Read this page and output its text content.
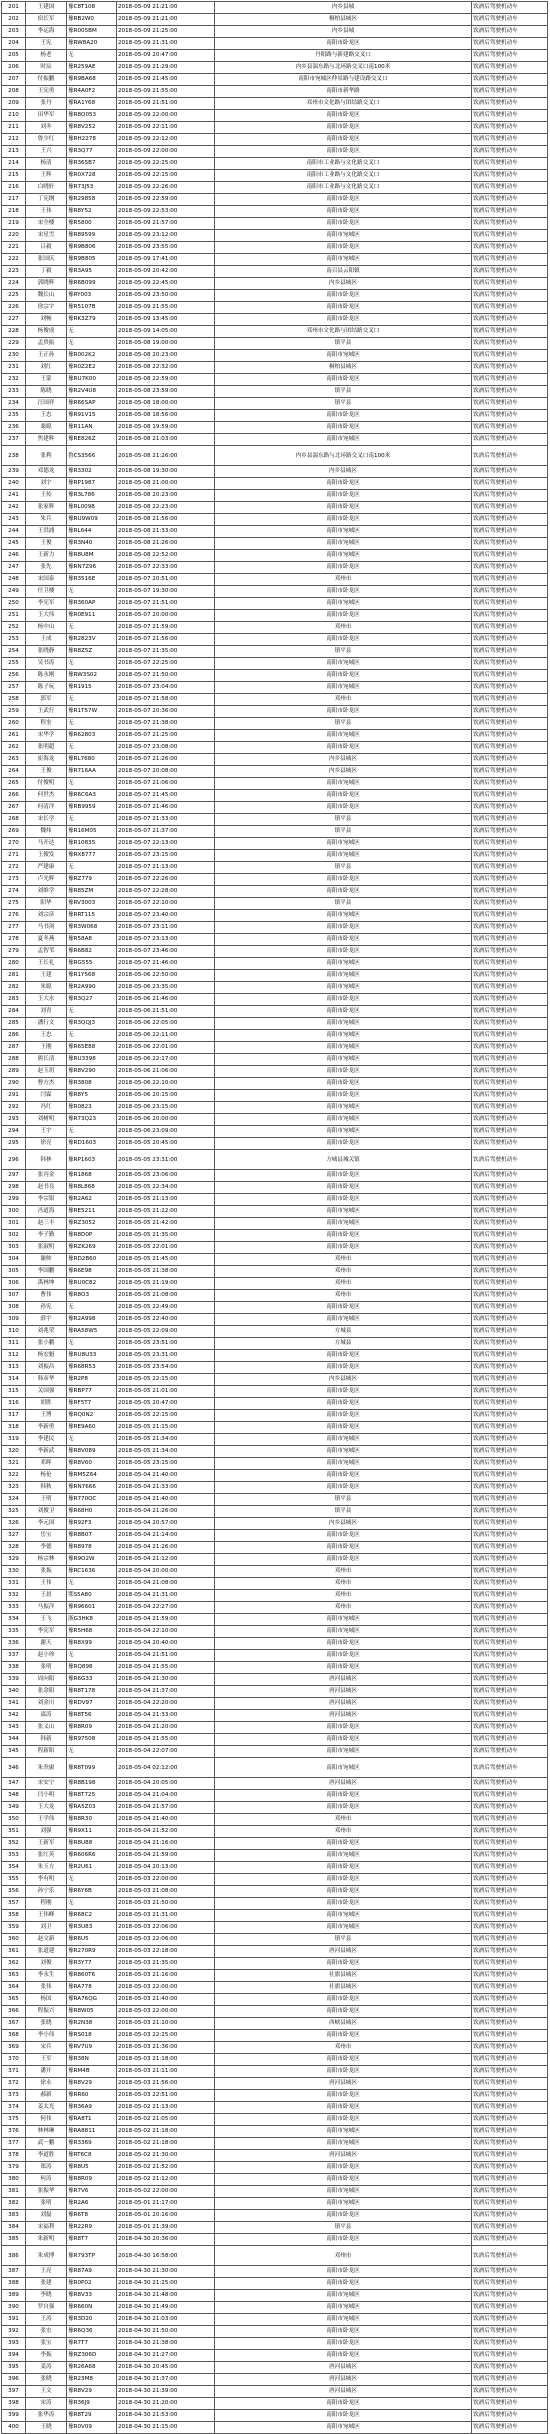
201	王建国	豫C8T108	2018-05-09 21:21:00	内乡县城	饮酒后驾驶机动车
202	宿长军	豫RB2W0	2018-05-09 21:21:00	桐柏县城区	饮酒后驾驶机动车
203	李运海	豫R005BM	2018-05-09 21:25:00	内乡县城	饮酒后驾驶机动车
204	王宪	豫RW8A20	2018-05-09 21:31:00	南阳市卧龙区	饮酒后驾驶机动车
205	杨老	无	2018-05-09 20:47:00	丹阳路与新建路交叉口	饮酒后驾驶机动车
206	时辰	豫R259AE	2018-05-09 21:29:00	内乡县湍东路与北环路交叉口南100米	饮酒后驾驶机动车
207	付振鹏	豫R9BA68	2018-05-09 21:45:00	南阳市宛城区仲景路与建设路交叉口	饮酒后驾驶机动车
208	王宪勇	豫R4A0F2	2018-05-09 21:55:00	南阳市新华路	饮酒后驾驶机动车
209	张丹	豫RA1Y68	2018-05-09 21:51:00	邓州市文化路与团结路交叉口	饮酒后驾驶机动车
210	田华军	豫R8Q053	2018-05-09 22:00:00	南阳市卧龙区	饮酒后驾驶机动车
211	刘冬	豫R8V252	2018-05-09 22:11:00	南阳市卧龙区	饮酒后驾驶机动车
212	鲁少红	豫RH2278	2018-05-09 22:12:00	南阳市卧龙区	饮酒后驾驶机动车
213	王兴	豫R3Q77	2018-05-09 22:00:00	南阳市卧龙区	饮酒后驾驶机动车
214	杨清	豫R365B7	2018-05-09 22:25:00	南阳市工业路与文化路交叉口	饮酒后驾驶机动车
215	王辉	豫R0X728	2018-05-09 22:15:00	南阳市工业路与文化路交叉口	饮酒后驾驶机动车
216	白晓轩	豫R73J53	2018-05-09 22:26:00	南阳市工业路与文化路交叉口	饮酒后驾驶机动车
217	丁宪纲	豫R29858	2018-05-09 22:59:00	南阳市卧龙区	饮酒后驾驶机动车
218	王伟	豫R8Y52	2018-05-09 22:53:00	南阳市卧龙区	饮酒后驾驶机动车
219	宋全楼	豫R5800	2018-05-09 21:57:00	南阳市卧龙区	饮酒后驾驶机动车
220	宋星雪	豫R89599	2018-05-09 23:12:00	南阳市宛城区	饮酒后驾驶机动车
221	吕毅	豫R9B806	2018-05-09 23:55:00	南阳市卧龙区	饮酒后驾驶机动车
222	张国庆	豫R9B805	2018-05-09 17:41:00	南阳市宛城区	饮酒后驾驶机动车
223	丁毅	豫R3A95	2018-05-09 20:42:00	南召县云阳镇	饮酒后驾驶机动车
224	郭晓辉	豫R6B099	2018-05-09 22:45:00	内乡县城区	饮酒后驾驶机动车
225	魏长山	豫RY003	2018-05-09 23:50:00	南阳市卧龙区	饮酒后驾驶机动车
226	徐宗宇	豫R5107B	2018-05-09 21:55:00	南阳市卧龙区	饮酒后驾驶机动车
227	刘畅	豫RK3Z79	2018-05-09 13:45:00	南阳市卧龙区	饮酒后驾驶机动车
228	杨俊成	无	2018-05-09 14:05:00	邓州市文化路与团结路交叉口	饮酒后驾驶机动车
229	孟贵振	无	2018-05-08 19:00:00	镇平县	饮酒后驾驶机动车
230	王正孙	豫R002K2	2018-05-08 20:23:00	南阳市宛城区	饮酒后驾驶机动车
231	刘红	豫R0Z2E2	2018-05-08 22:32:00	桐柏县城区	饮酒后驾驶机动车
232	王蒙	豫RU7K00	2018-05-08 22:59:00	南阳市卧龙区	饮酒后驾驶机动车
233	陈晓	豫R2V4U8	2018-05-08 23:59:00	镇平县	饮酒后驾驶机动车
234	汪国祥	豫R66SAP	2018-05-08 18:00:00	镇平县	饮酒后驾驶机动车
235	王忠	豫R91V15	2018-05-08 18:56:00	南阳市卧龙区	饮酒后驾驶机动车
236	桑聪	豫R11AN	2018-05-08 19:59:00	南阳市卧龙区	饮酒后驾驶机动车
237	焦建辉	豫RE826Z	2018-05-08 21:03:00	南阳市宛城区	饮酒后驾驶机动车
238	张利	鲁CS3566	2018-05-08 21:26:00	内乡县湍东路与北环路交叉口南100米	饮酒后驾驶机动车
239	邓德龙	豫R3302	2018-05-08 19:30:00	内乡县城区	饮酒后驾驶机动车
240	刘宇	豫RP1987	2018-05-08 21:00:00	南阳市卧龙区	饮酒后驾驶机动车
241	王传	豫R3L786	2018-05-08 20:23:00	南阳市卧龙区	饮酒后驾驶机动车
242	张家辉	豫RL0098	2018-05-08 22:23:00	南阳市卧龙区	饮酒后驾驶机动车
243	朱兵	豫RU9W09	2018-05-08 21:56:00	南阳市卧龙区	饮酒后驾驶机动车
244	王洪浦	豫RL644	2018-05-08 21:33:00	南阳市宛城区	饮酒后驾驶机动车
245	王俊	豫R3N40	2018-05-08 21:26:00	南阳市宛城区	饮酒后驾驶机动车
246	王新力	豫R8U8M	2018-05-08 22:52:00	南阳市宛城区	饮酒后驾驶机动车
247	张先	豫RN7Z96	2018-05-07 22:33:00	南阳市卧龙区	饮酒后驾驶机动车
248	宋国泰	豫R3516E	2018-05-07 20:51:00	邓州市	饮酒后驾驶机动车
249	任卫楼	无	2018-05-07 19:30:00	南阳市卧龙区	饮酒后驾驶机动车
250	李宪军	豫R360AP	2018-05-07 21:51:00	南阳市宛城区	饮酒后驾驶机动车
251	王大伟	豫R0E911	2018-05-07 20:00:00	南阳市卧龙区	饮酒后驾驶机动车
252	杨中山	无	2018-05-07 21:59:00	邓州市	饮酒后驾驶机动车
253	王成	豫R2823V	2018-05-07 21:56:00	南阳市卧龙区	饮酒后驾驶机动车
254	张晓静	豫R8Z5Z	2018-05-07 21:35:00	镇平县	饮酒后驾驶机动车
255	吴书涛	无	2018-05-07 22:25:00	南阳市宛城区	饮酒后驾驶机动车
256	陈永刚	豫RW3S02	2018-05-07 21:50:00	南阳市卧龙区	饮酒后驾驶机动车
257	陈子玩	豫R1915	2018-05-07 23:04:00	南阳市宛城区	饮酒后驾驶机动车
258	郭军	无	2018-05-07 21:58:00	邓州市	饮酒后驾驶机动车
259	王武行	豫R1T57W	2018-05-07 20:36:00	南阳市卧龙区	饮酒后驾驶机动车
260	程奎	无	2018-05-07 21:38:00	镇平县	饮酒后驾驶机动车
261	宋华学	豫R62803	2018-05-07 21:25:00	南阳市宛城区	饮酒后驾驶机动车
262	张明超	无	2018-05-07 23:08:00	南阳市卧龙区	饮酒后驾驶机动车
263	崔海龙	豫RL7680	2018-05-07 21:26:00	内乡县城区	饮酒后驾驶机动车
264	王俊	豫R716AA	2018-05-07 20:08:00	内乡县城区	饮酒后驾驶机动车
265	付俊明	无	2018-05-07 21:06:00	南阳市宛城区	饮酒后驾驶机动车
266	何世杰	豫R6C6A3	2018-05-07 21:45:00	南阳市卧龙区	饮酒后驾驶机动车
267	何清洋	豫RB9959	2018-05-07 21:46:00	南阳市卧龙区	饮酒后驾驶机动车
268	宋长学	无	2018-05-07 21:33:00	镇平县	饮酒后驾驶机动车
269	魏炜	豫R16M05	2018-05-07 21:37:00	镇平县	饮酒后驾驶机动车
270	马开达	豫R10835	2018-05-07 22:13:00	南阳市宛城区	饮酒后驾驶机动车
271	王俊发	豫RX8777	2018-05-07 23:15:00	南阳市宛城区	饮酒后驾驶机动车
272	严建康	无	2018-05-07 21:13:00	镇平县	饮酒后驾驶机动车
273	卢光辉	豫RZ779	2018-05-07 22:26:00	南阳市卧龙区	饮酒后驾驶机动车
274	刘维学	豫R85ZM	2018-05-07 22:28:00	南阳市卧龙区	饮酒后驾驶机动车
275	阳华	豫RV3003	2018-05-07 22:10:00	镇平县	饮酒后驾驶机动车
276	刘宗彦	豫RRT115	2018-05-07 23:40:00	南阳市宛城区	饮酒后驾驶机动车
277	马书剑	豫R3W068	2018-05-07 23:11:00	南阳市卧龙区	饮酒后驾驶机动车
278	夏冬燕	豫R58A8	2018-05-07 23:13:00	南阳市卧龙区	饮酒后驾驶机动车
279	孟智苇	豫R6B82	2018-05-07 23:46:00	南阳市卧龙区	饮酒后驾驶机动车
280	王长礼	豫RG555	2018-05-07 21:46:00	南阳市宛城区	饮酒后驾驶机动车
281	王建	豫R1Y568	2018-05-06 22:50:00	南阳市宛城区	饮酒后驾驶机动车
282	朱聪	豫R2A990	2018-05-06 23:35:00	南阳市宛城区	饮酒后驾驶机动车
283	王大水	豫R3Q27	2018-05-06 21:46:00	南阳市卧龙区	饮酒后驾驶机动车
284	刘青	无	2018-05-06 21:51:00	南阳市卧龙区	饮酒后驾驶机动车
285	潘行文	豫R3QQJ3	2018-05-06 22:05:00	南阳市宛城区	饮酒后驾驶机动车
286	王忠	无	2018-05-06 22:11:00	南阳市宛城区	饮酒后驾驶机动车
287	王刚	豫R65E88	2018-05-06 22:01:00	南阳市宛城区	饮酒后驾驶机动车
288	熊长清	豫RU3398	2018-05-06 22:17:00	南阳市宛城区	饮酒后驾驶机动车
289	赵玉玥	豫R8V290	2018-05-06 21:06:00	南阳市卧龙区	饮酒后驾驶机动车
290	曹方杰	豫R3808	2018-05-06 22:10:00	南阳市卧龙区	饮酒后驾驶机动车
291	闫霖	豫R8Y5	2018-05-06 20:15:00	南阳市卧龙区	饮酒后驾驶机动车
292	冯红	豫R0823	2018-05-06 23:15:00	南阳市宛城区	饮酒后驾驶机动车
293	刘树明	豫R73Q23	2018-05-06 20:00:00	南阳市宛城区	饮酒后驾驶机动车
294	王宇	无	2018-05-06 23:09:00	南阳市宛城区	饮酒后驾驶机动车
295	徐亮	豫RD1603	2018-05-05 20:45:00	南阳市卧龙区	饮酒后驾驶机动车
296	韩林	豫RP1603	2018-05-05 23:31:00	方城县城关镇	饮酒后驾驶机动车
297	张丙金	豫R1868	2018-05-05 23:06:00	南阳市卧龙区	饮酒后驾驶机动车
298	赵书良	豫R8L868	2018-05-05 22:34:00	南阳市卧龙区	饮酒后驾驶机动车
299	李宗银	豫R2A62	2018-05-05 21:13:00	南阳市卧龙区	饮酒后驾驶机动车
300	冯道海	豫RE5211	2018-05-05 21:22:00	南阳市宛城区	饮酒后驾驶机动车
301	赵三丰	豫RZ3052	2018-05-05 21:42:00	南阳市宛城区	饮酒后驾驶机动车
302	李子勤	豫R8D0P	2018-05-05 21:35:00	南阳市卧龙区	饮酒后驾驶机动车
303	张淑明	豫RZK269	2018-05-05 22:01:00	南阳市卧龙区	饮酒后驾驶机动车
304	谢帅	豫RD2B60	2018-05-05 21:45:00	邓州市	饮酒后驾驶机动车
305	李国鹏	豫R6E98	2018-05-05 21:38:00	邓州市	饮酒后驾驶机动车
306	禹林坤	豫RU0C82	2018-05-05 21:19:00	邓州市	饮酒后驾驶机动车
307	曹伟	豫R8O3	2018-05-05 21:08:00	邓州市	饮酒后驾驶机动车
308	孙宪	无	2018-05-05 22:49:00	南阳市卧龙区	饮酒后驾驶机动车
309	薛宇	豫R2A998	2018-05-05 22:40:00	南阳市宛城区	饮酒后驾驶机动车
310	刘兆荣	豫RA58W5	2018-05-05 22:09:00	方城县	饮酒后驾驶机动车
311	张小鹏	无	2018-05-05 23:51:00	方城县	饮酒后驾驶机动车
312	杨宏魁	豫RU8U33	2018-05-05 23:31:00	南阳市卧龙区	饮酒后驾驶机动车
313	刘振昌	豫R68R53	2018-05-05 23:54:00	南阳市卧龙区	饮酒后驾驶机动车
314	韩彦华	豫R2P8	2018-05-05 22:15:00	内乡县城区	饮酒后驾驶机动车
315	关国强	豫RBP77	2018-05-05 21:01:00	南阳市卧龙区	饮酒后驾驶机动车
316	胡胜	豫RF5T7	2018-05-05 20:47:00	南阳市卧龙区	饮酒后驾驶机动车
317	王博	豫RQ0N2	2018-05-05 22:15:00	南阳市卧龙区	饮酒后驾驶机动车
318	李新勇	豫RE9A60	2018-05-05 21:15:00	南阳市卧龙区	饮酒后驾驶机动车
319	李建民	无	2018-05-05 21:34:00	南阳市宛城区	饮酒后驾驶机动车
320	李新武	豫R8V089	2018-05-05 21:34:00	南阳市宛城区	饮酒后驾驶机动车
321	邓晖	豫R8V60	2018-05-05 23:15:00	南阳市宛城区	饮酒后驾驶机动车
322	杨伦	豫RM5Z64	2018-05-04 21:40:00	南阳市卧龙区	饮酒后驾驶机动车
323	韩秋	豫RN7666	2018-05-04 21:33:00	南阳市卧龙区	饮酒后驾驶机动车
324	王明	豫R770QC	2018-05-04 21:40:00	镇平县	饮酒后驾驶机动车
325	刘俊卫	豫R68H0	2018-05-04 21:26:00	镇平县	饮酒后驾驶机动车
326	李元国	豫R92F3	2018-05-04 20:57:00	内乡县城区	饮酒后驾驶机动车
327	岳宝	豫R8B07	2018-05-04 21:14:00	南阳市卧龙区	饮酒后驾驶机动车
328	李德	豫R8978	2018-05-04 21:26:00	南阳市卧龙区	饮酒后驾驶机动车
329	杨宗林	豫R9O2W	2018-05-04 21:12:00	南阳市卧龙区	饮酒后驾驶机动车
330	张振	豫RC1636	2018-05-04 20:00:00	邓州市	饮酒后驾驶机动车
331	王伟	无	2018-05-04 21:08:00	邓州市	饮酒后驾驶机动车
332	王晨	鄂S5A80	2018-05-04 21:31:00	邓州市	饮酒后驾驶机动车
333	马振洋	豫R96601	2018-05-04 22:27:00	邓州市	饮酒后驾驶机动车
334	王飞	浙G3HK8	2018-05-04 21:59:00	南阳市宛城区	饮酒后驾驶机动车
335	李宪军	豫R5H68	2018-05-04 22:10:00	南阳市宛城区	饮酒后驾驶机动车
336	谢天	豫R8X99	2018-05-04 20:40:00	南阳市卧龙区	饮酒后驾驶机动车
337	赵小珍	无	2018-05-04 21:51:00	南阳市卧龙区	饮酒后驾驶机动车
338	张明	豫RQ898	2018-05-04 21:55:00	南阳市卧龙区	饮酒后驾驶机动车
339	周向阳	豫R6G33	2018-05-04 21:30:00	唐河县城区	饮酒后驾驶机动车
340	张余阳	豫R8T178	2018-05-04 21:37:00	唐河县城区	饮酒后驾驶机动车
341	刘金川	豫RDV97	2018-05-04 22:20:00	唐河县城区	饮酒后驾驶机动车
342	邵涛	豫R8T56	2018-05-04 21:33:00	唐河县城区	饮酒后驾驶机动车
343	张义山	豫R8R09	2018-05-04 21:20:00	南阳市卧龙区	饮酒后驾驶机动车
344	韩新	豫R97508	2018-05-04 21:55:00	南阳市卧龙区	饮酒后驾驶机动车
345	程新阳	无	2018-05-04 22:07:00	南阳市宛城区	饮酒后驾驶机动车
346	朱焘庸	豫R8T099	2018-05-04 02:12:00	南阳市宛城区	饮酒后驾驶机动车
347	宋安宁	豫R8B198	2018-05-04 20:05:00	唐河县城区	饮酒后驾驶机动车
348	闫小明	豫R8T725	2018-05-04 21:04:00	南阳市卧龙区	饮酒后驾驶机动车
349	王大龙	豫RA5Z03	2018-05-04 21:57:00	南阳市卧龙区	饮酒后驾驶机动车
350	王学伟	豫R8R30	2018-05-04 21:40:00	邓州市	饮酒后驾驶机动车
351	刘强	豫R9X11	2018-05-04 21:52:00	邓州市	饮酒后驾驶机动车
352	王新军	豫R8U88	2018-05-04 21:16:00	南阳市卧龙区	饮酒后驾驶机动车
353	张红英	豫R606R6	2018-05-04 21:59:00	南阳市宛城区	饮酒后驾驶机动车
354	朱玉方	豫R2U61	2018-05-04 20:13:00	南阳市卧龙区	饮酒后驾驶机动车
355	李有明	无	2018-05-03 22:00:00	南阳市卧龙区	饮酒后驾驶机动车
356	孙宁乐	豫R6Y6B	2018-05-03 21:08:00	南阳市卧龙区	饮酒后驾驶机动车
357	程刚	无	2018-05-03 21:50:00	南阳市卧龙区	饮酒后驾驶机动车
358	王伟峰	豫R68C2	2018-05-03 21:31:00	南阳市宛城区	饮酒后驾驶机动车
359	刘卫	豫R3U83	2018-05-03 22:06:00	南阳市宛城区	饮酒后驾驶机动车
360	赵文新	豫R6U5	2018-05-03 22:06:00	镇平县	饮酒后驾驶机动车
361	张道建	豫R270R9	2018-05-03 22:18:00	唐河县城区	饮酒后驾驶机动车
362	刘俊	豫R3Y77	2018-05-03 21:35:00	南阳市卧龙区	饮酒后驾驶机动车
363	李永生	豫R860T6	2018-05-03 21:16:00	社旗县城区	饮酒后驾驶机动车
364	张伟	豫RA778	2018-05-03 22:00:00	社旗县城区	饮酒后驾驶机动车
365	杨国	豫RA76QG	2018-05-03 21:40:00	南阳市卧龙区	饮酒后驾驶机动车
366	程振兴	豫R8W05	2018-05-03 22:00:00	南阳市卧龙区	饮酒后驾驶机动车
367	张晓	豫R2N38	2018-05-03 21:10:00	西峡县城区	饮酒后驾驶机动车
368	李小伟	豫RS018	2018-05-03 22:25:00	南阳市卧龙区	饮酒后驾驶机动车
369	宋兵	豫RV7U9	2018-05-03 21:36:00	邓州市	饮酒后驾驶机动车
370	王军	豫R38N	2018-05-03 21:18:00	南阳市卧龙区	饮酒后驾驶机动车
371	潘开	豫RM4B	2018-05-03 21:11:00	南阳市卧龙区	饮酒后驾驶机动车
372	徐永	豫R8V29	2018-05-03 21:56:00	唐河县城区	饮酒后驾驶机动车
373	郝新	豫RR60	2018-05-03 22:51:00	南阳市卧龙区	饮酒后驾驶机动车
374	姜太光	豫R36A9	2018-05-02 21:13:00	南阳市卧龙区	饮酒后驾驶机动车
375	何伟	豫RA8T1	2018-05-02 21:05:00	南阳市卧龙区	饮酒后驾驶机动车
376	林林琳	豫RA8811	2018-05-02 21:18:00	南阳市宛城区	饮酒后驾驶机动车
377	武一鹏	豫R3369	2018-05-02 21:18:00	南阳市宛城区	饮酒后驾驶机动车
378	李道胜	豫RT6C8	2018-05-02 21:30:00	唐河县城区	饮酒后驾驶机动车
379	郑涛	豫R8U5	2018-05-02 21:52:00	南阳市卧龙区	饮酒后驾驶机动车
380	何涛	豫R8R09	2018-05-02 21:12:00	南阳市卧龙区	饮酒后驾驶机动车
381	张振华	豫R7V6	2018-05-02 22:00:00	南阳市宛城区	饮酒后驾驶机动车
382	张明	豫R2A6	2018-05-01 21:17:00	南阳市宛城区	饮酒后驾驶机动车
383	刘磊	豫R6T8	2018-05-01 20:16:00	南阳市卧龙区	饮酒后驾驶机动车
384	宋福利	豫R22R9	2018-05-01 21:39:00	镇平县	饮酒后驾驶机动车
385	朱新明	豫R8T7	2018-04-30 20:36:00	南阳市卧龙区	饮酒后驾驶机动车
386	朱成博	豫R793TP	2018-04-30 16:58:00	邓州市	饮酒后驾驶机动车
387	王亮	豫R87A9	2018-04-30 21:30:00	南阳市卧龙区	饮酒后驾驶机动车
388	张建	豫R0P02	2018-04-30 21:25:00	南阳市卧龙区	饮酒后驾驶机动车
389	李晓	豫R8V33	2018-04-30 21:48:00	南阳市宛城区	饮酒后驾驶机动车
390	罗自强	豫R660N	2018-04-30 21:49:00	南阳市宛城区	饮酒后驾驶机动车
391	王涛	豫R3D20	2018-04-30 21:03:00	南阳市宛城区	饮酒后驾驶机动车
392	张宏	豫R6Q36	2018-04-30 21:50:00	南阳市卧龙区	饮酒后驾驶机动车
393	张宝	豫R7T7	2018-04-30 21:38:00	南阳市卧龙区	饮酒后驾驶机动车
394	李振	豫RZ306D	2018-04-30 21:27:00	南阳市卧龙区	饮酒后驾驶机动车
395	姜涛	豫R26A68	2018-04-30 20:45:00	唐河县城区	饮酒后驾驶机动车
396	张晓	豫R23M8	2018-04-30 21:37:00	唐河县城区	饮酒后驾驶机动车
397	王文	豫R8V29	2018-04-30 21:39:00	唐河县城区	饮酒后驾驶机动车
398	宋涛	豫R36J9	2018-04-30 21:20:00	南阳市卧龙区	饮酒后驾驶机动车
399	张华涛	豫R8T29	2018-04-30 21:53:00	南阳市卧龙区	饮酒后驾驶机动车
400	王晓	豫R0V09	2018-04-30 21:15:00	南阳市宛城区	饮酒后驾驶机动车
